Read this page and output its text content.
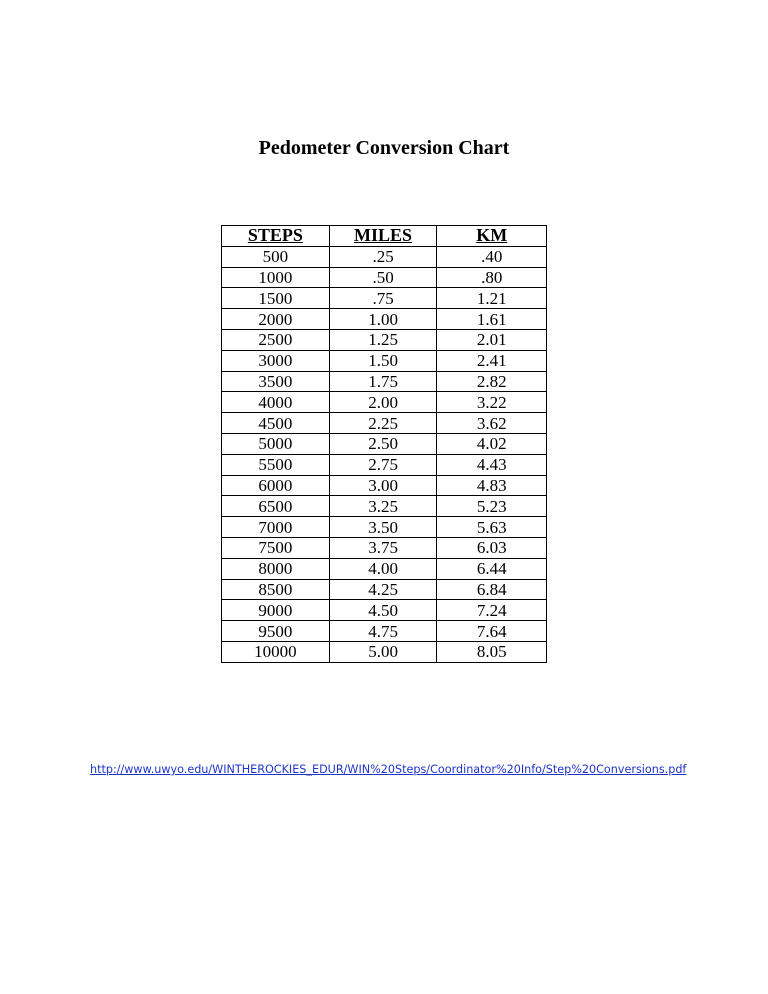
Pedometer Conversion Chart
STEPS	MILES	KM
500	.25	.40
1000	.50	.80
1500	.75	1.21
2000	1.00	1.61
2500	1.25	2.01
3000	1.50	2.41
3500	1.75	2.82
4000	2.00	3.22
4500	2.25	3.62
5000	2.50	4.02
5500	2.75	4.43
6000	3.00	4.83
6500	3.25	5.23
7000	3.50	5.63
7500	3.75	6.03
8000	4.00	6.44
8500	4.25	6.84
9000	4.50	7.24
9500	4.75	7.64
10000	5.00	8.05
http://www.uwyo.edu/WINTHEROCKIES_EDUR/WIN%20Steps/Coordinator%20Info/Step%20Conversions.pdf
